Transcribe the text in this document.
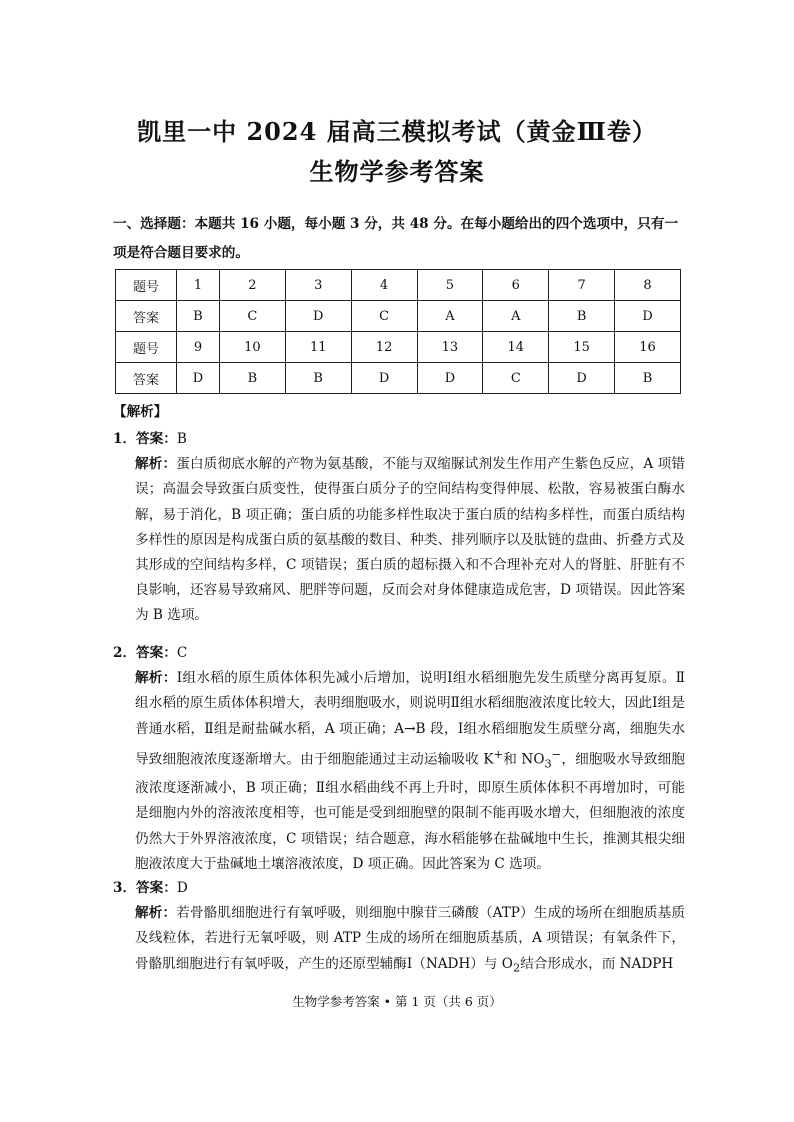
凯里一中 2024 届高三模拟考试（黄金Ⅲ卷）
生物学参考答案
一、选择题：本题共 16 小题，每小题 3 分，共 48 分。在每小题给出的四个选项中，只有一项是符合题目要求的。
题号	1	2	3	4	5	6	7	8
答案	B	C	D	C	A	A	B	D
题号	9	10	11	12	13	14	15	16
答案	D	B	B	D	D	C	D	B
【解析】
1．答案：B
解析：蛋白质彻底水解的产物为氨基酸，不能与双缩脲试剂发生作用产生紫色反应，A 项错误；高温会导致蛋白质变性，使得蛋白质分子的空间结构变得伸展、松散，容易被蛋白酶水解，易于消化，B 项正确；蛋白质的功能多样性取决于蛋白质的结构多样性，而蛋白质结构多样性的原因是构成蛋白质的氨基酸的数目、种类、排列顺序以及肽链的盘曲、折叠方式及其形成的空间结构多样，C 项错误；蛋白质的超标摄入和不合理补充对人的肾脏、肝脏有不良影响，还容易导致痛风、肥胖等问题，反而会对身体健康造成危害，D 项错误。因此答案为 B 选项。
2．答案：C
解析：Ⅰ组水稻的原生质体体积先减小后增加，说明Ⅰ组水稻细胞先发生质壁分离再复原。Ⅱ组水稻的原生质体体积增大，表明细胞吸水，则说明Ⅱ组水稻细胞液浓度比较大，因此Ⅰ组是普通水稻，Ⅱ组是耐盐碱水稻，A 项正确；A→B 段，Ⅰ组水稻细胞发生质壁分离，细胞失水导致细胞液浓度逐渐增大。由于细胞能通过主动运输吸收 K+和 $NO_3^-$，细胞吸水导致细胞液浓度逐渐减小，B 项正确；Ⅱ组水稻曲线不再上升时，即原生质体体积不再增加时，可能是细胞内外的溶液浓度相等，也可能是受到细胞壁的限制不能再吸水增大，但细胞液的浓度仍然大于外界溶液浓度，C 项错误；结合题意，海水稻能够在盐碱地中生长，推测其根尖细胞液浓度大于盐碱地土壤溶液浓度，D 项正确。因此答案为 C 选项。
3．答案：D
解析：若骨骼肌细胞进行有氧呼吸，则细胞中腺苷三磷酸（ATP）生成的场所在细胞质基质及线粒体，若进行无氧呼吸，则 ATP 生成的场所在细胞质基质，A 项错误；有氧条件下，骨骼肌细胞进行有氧呼吸，产生的还原型辅酶Ⅰ（NADH）与 $O_2$结合形成水，而 NADPH
生物学参考答案 • 第 1 页（共 6 页）
